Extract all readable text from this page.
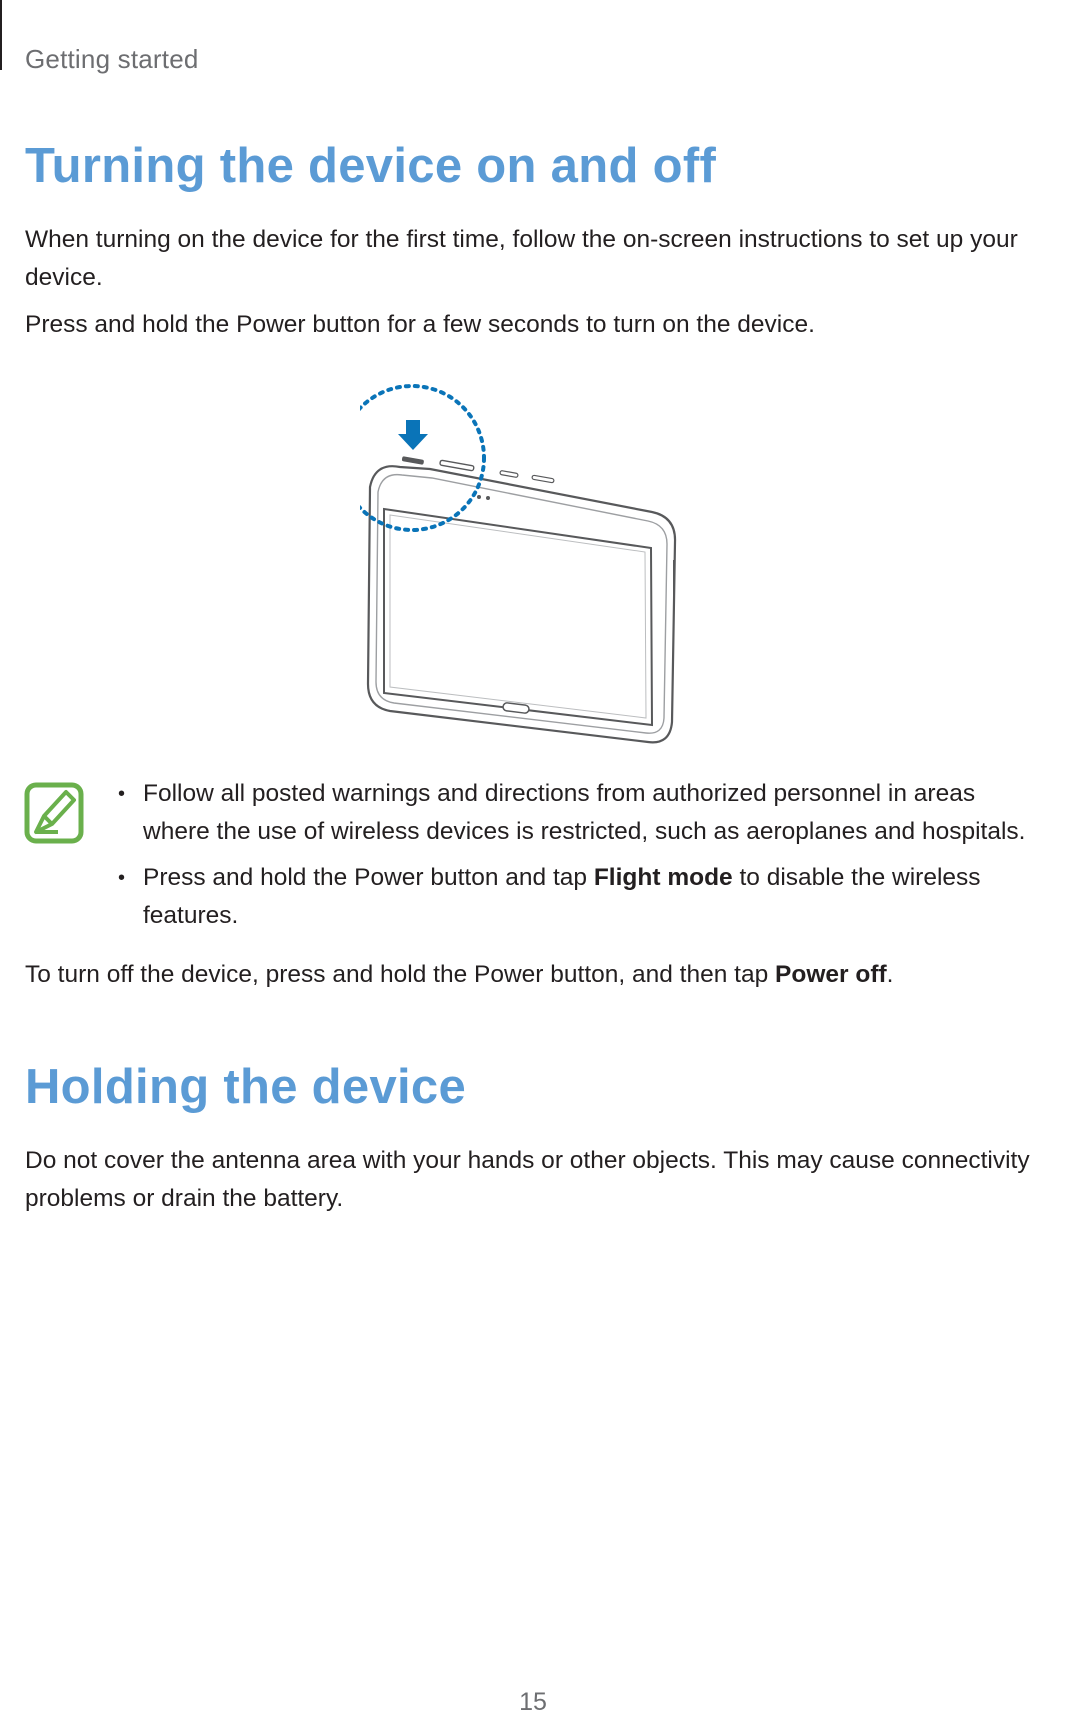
Getting started
Turning the device on and off

When turning on the device for the first time, follow the on-screen instructions to set up your device.

Press and hold the Power button for a few seconds to turn on the device.

• Follow all posted warnings and directions from authorized personnel in areas where the use of wireless devices is restricted, such as aeroplanes and hospitals.
• Press and hold the Power button and tap Flight mode to disable the wireless features.

To turn off the device, press and hold the Power button, and then tap Power off.

Holding the device

Do not cover the antenna area with your hands or other objects. This may cause connectivity problems or drain the battery.

15
